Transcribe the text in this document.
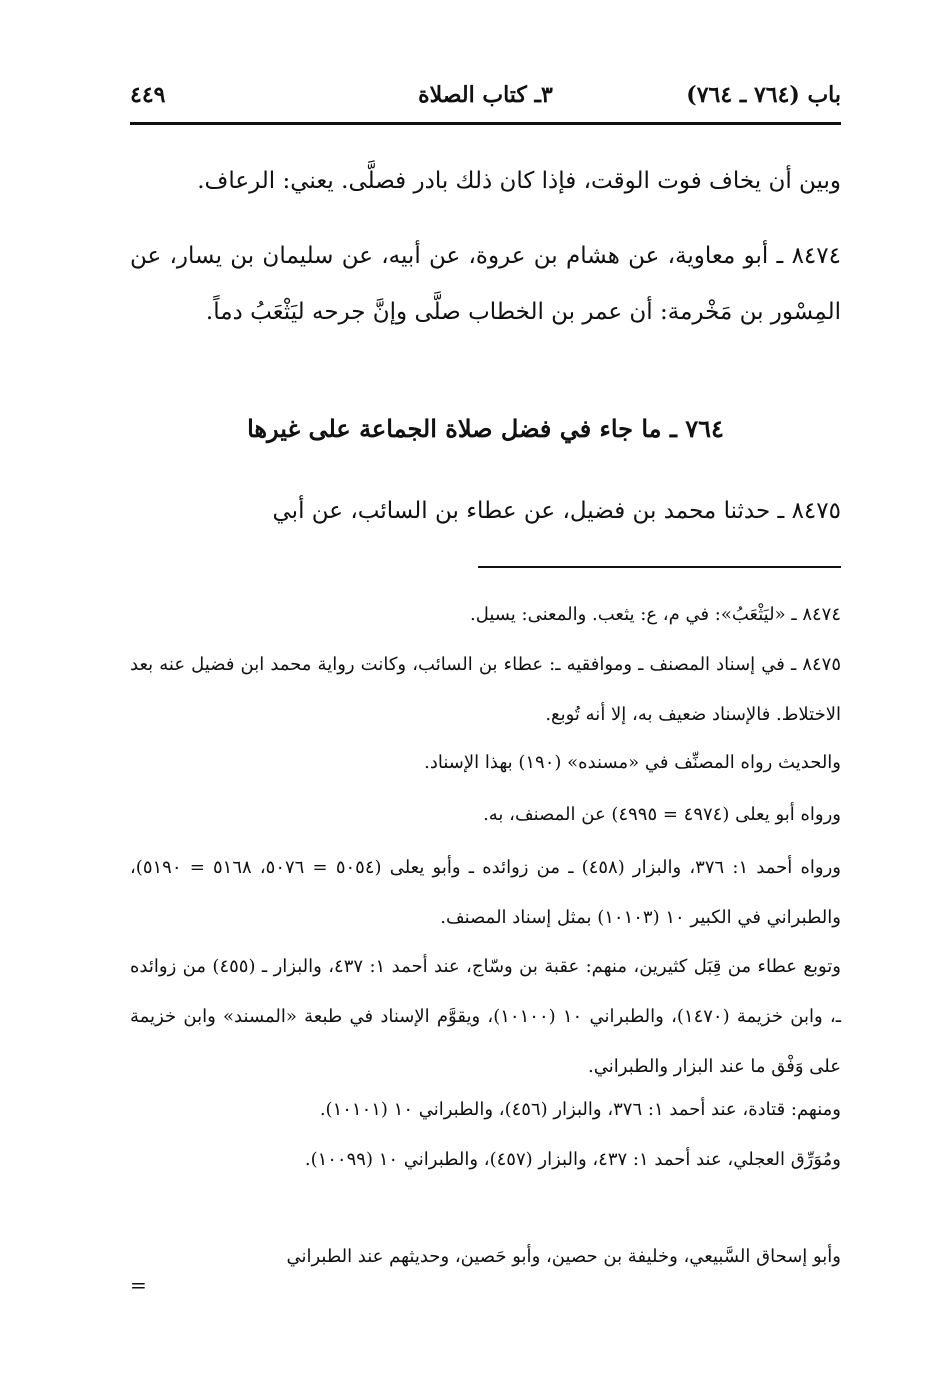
باب (٧٦٤ ـ ٧٦٤)
٣ـ كتاب الصلاة
٤٤٩
وبين أن يخاف فوت الوقت، فإذا كان ذلك بادر فصلَّى. يعني: الرعاف.
٨٤٧٤ ـ أبو معاوية، عن هشام بن عروة، عن أبيه، عن سليمان بن يسار، عن المِسْور بن مَخْرمة: أن عمر بن الخطاب صلَّى وإنَّ جرحه ليَثْعَبُ دماً.
٧٦٤ ـ ما جاء في فضل صلاة الجماعة على غيرها
٨٤٧٥ ـ حدثنا محمد بن فضيل، عن عطاء بن السائب، عن أبي
٨٤٧٤ ـ «ليَثْعَبُ»: في م، ع: يثعب. والمعنى: يسيل.
٨٤٧٥ ـ في إسناد المصنف ـ وموافقيه ـ: عطاء بن السائب، وكانت رواية محمد ابن فضيل عنه بعد الاختلاط. فالإسناد ضعيف به، إلا أنه تُوبع.
والحديث رواه المصنِّف في «مسنده» (١٩٠) بهذا الإسناد.
ورواه أبو يعلى (٤٩٧٤ = ٤٩٩٥) عن المصنف، به.
ورواه أحمد ١: ٣٧٦، والبزار (٤٥٨) ـ من زوائده ـ وأبو يعلى (٥٠٥٤ = ٥٠٧٦، ٥١٦٨ = ٥١٩٠)، والطبراني في الكبير ١٠ (١٠١٠٣) بمثل إسناد المصنف.
وتوبع عطاء من قِبَل كثيرين، منهم: عقبة بن وسّاج، عند أحمد ١: ٤٣٧، والبزار ـ (٤٥٥) من زوائده ـ، وابن خزيمة (١٤٧٠)، والطبراني ١٠ (١٠١٠٠)، ويقوَّم الإسناد في طبعة «المسند» وابن خزيمة على وَفْق ما عند البزار والطبراني.
ومنهم: قتادة، عند أحمد ١: ٣٧٦، والبزار (٤٥٦)، والطبراني ١٠ (١٠١٠١).
ومُوَرِّق العجلي، عند أحمد ١: ٤٣٧، والبزار (٤٥٧)، والطبراني ١٠ (١٠٠٩٩).
وأبو إسحاق السَّبيعي، وخليفة بن حصين، وأبو حَصين، وحديثهم عند الطبراني
=
